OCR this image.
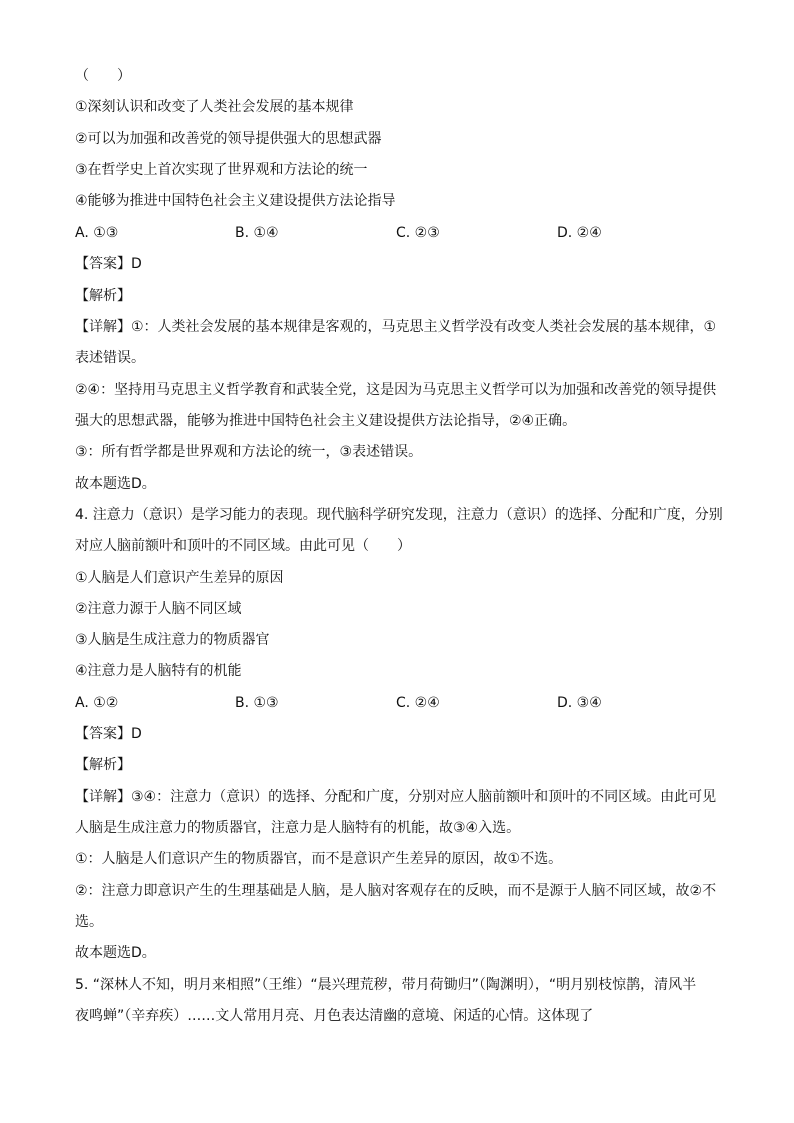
（　　）
①深刻认识和改变了人类社会发展的基本规律
②可以为加强和改善党的领导提供强大的思想武器
③在哲学史上首次实现了世界观和方法论的统一
④能够为推进中国特色社会主义建设提供方法论指导
A. ①③	B. ①④	C. ②③	D. ②④
【答案】D
【解析】
【详解】①：人类社会发展的基本规律是客观的，马克思主义哲学没有改变人类社会发展的基本规律，①
表述错误。
②④：坚持用马克思主义哲学教育和武装全党，这是因为马克思主义哲学可以为加强和改善党的领导提供
强大的思想武器，能够为推进中国特色社会主义建设提供方法论指导，②④正确。
③：所有哲学都是世界观和方法论的统一，③表述错误。
故本题选D。
4. 注意力（意识）是学习能力的表现。现代脑科学研究发现，注意力（意识）的选择、分配和广度，分别
对应人脑前额叶和顶叶的不同区域。由此可见（　　）
①人脑是人们意识产生差异的原因
②注意力源于人脑不同区域
③人脑是生成注意力的物质器官
④注意力是人脑特有的机能
A. ①②	B. ①③	C. ②④	D. ③④
【答案】D
【解析】
【详解】③④：注意力（意识）的选择、分配和广度，分别对应人脑前额叶和顶叶的不同区域。由此可见
人脑是生成注意力的物质器官，注意力是人脑特有的机能，故③④入选。
①：人脑是人们意识产生的物质器官，而不是意识产生差异的原因，故①不选。
②：注意力即意识产生的生理基础是人脑，是人脑对客观存在的反映，而不是源于人脑不同区域，故②不
选。
故本题选D。
5. “深林人不知，明月来相照”（王维）“晨兴理荒秽，带月荷锄归”（陶渊明），“明月别枝惊鹊，清风半
夜鸣蝉”（辛弃疾）……文人常用月亮、月色表达清幽的意境、闲适的心情。这体现了
